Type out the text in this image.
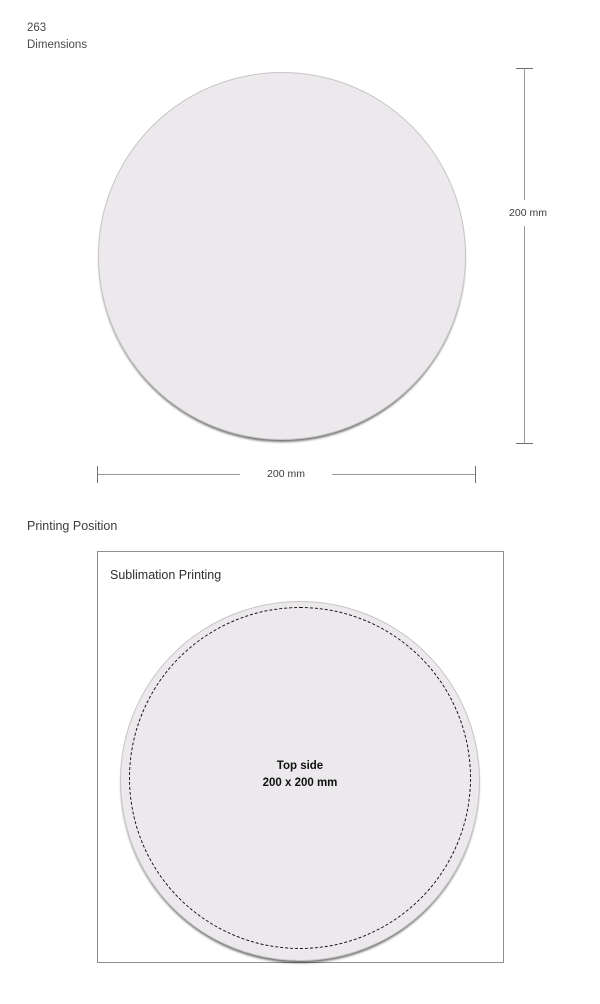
263
Dimensions
200 mm
200 mm
Printing Position
Sublimation Printing
Top side
200 x 200 mm
